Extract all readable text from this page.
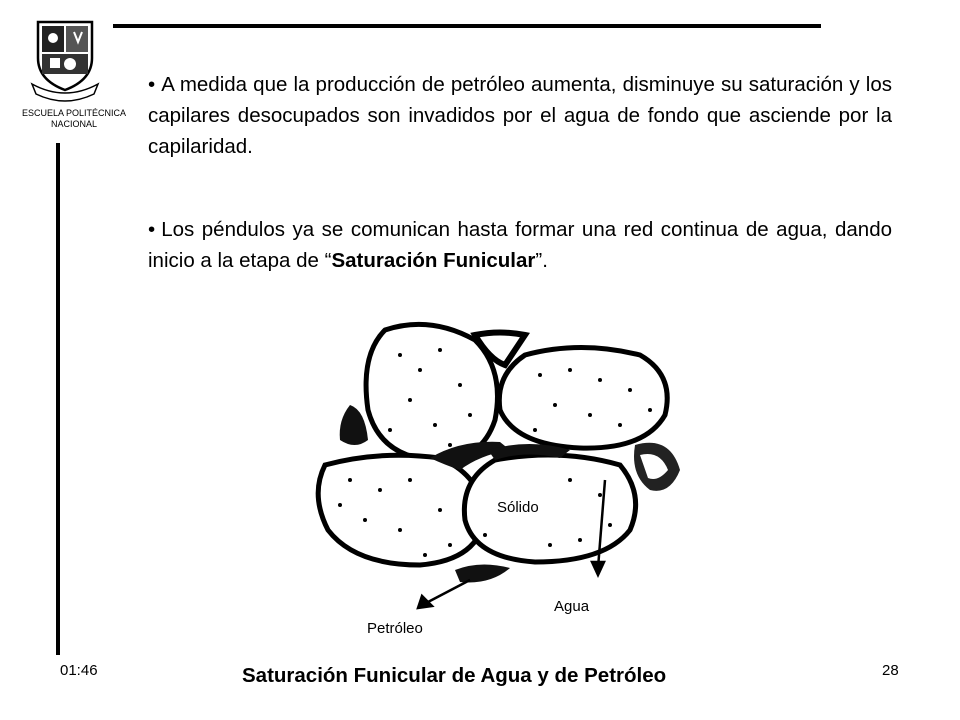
ESCUELA POLITÉCNICA NACIONAL
• A medida que la producción de petróleo aumenta, disminuye su saturación y los capilares desocupados son invadidos por el agua de fondo que asciende por la capilaridad.
• Los péndulos ya se comunican hasta formar una red continua de agua, dando inicio a la etapa de “Saturación Funicular”.
Sólido
Agua
Petróleo
01:46	Saturación Funicular de Agua y de Petróleo	28
